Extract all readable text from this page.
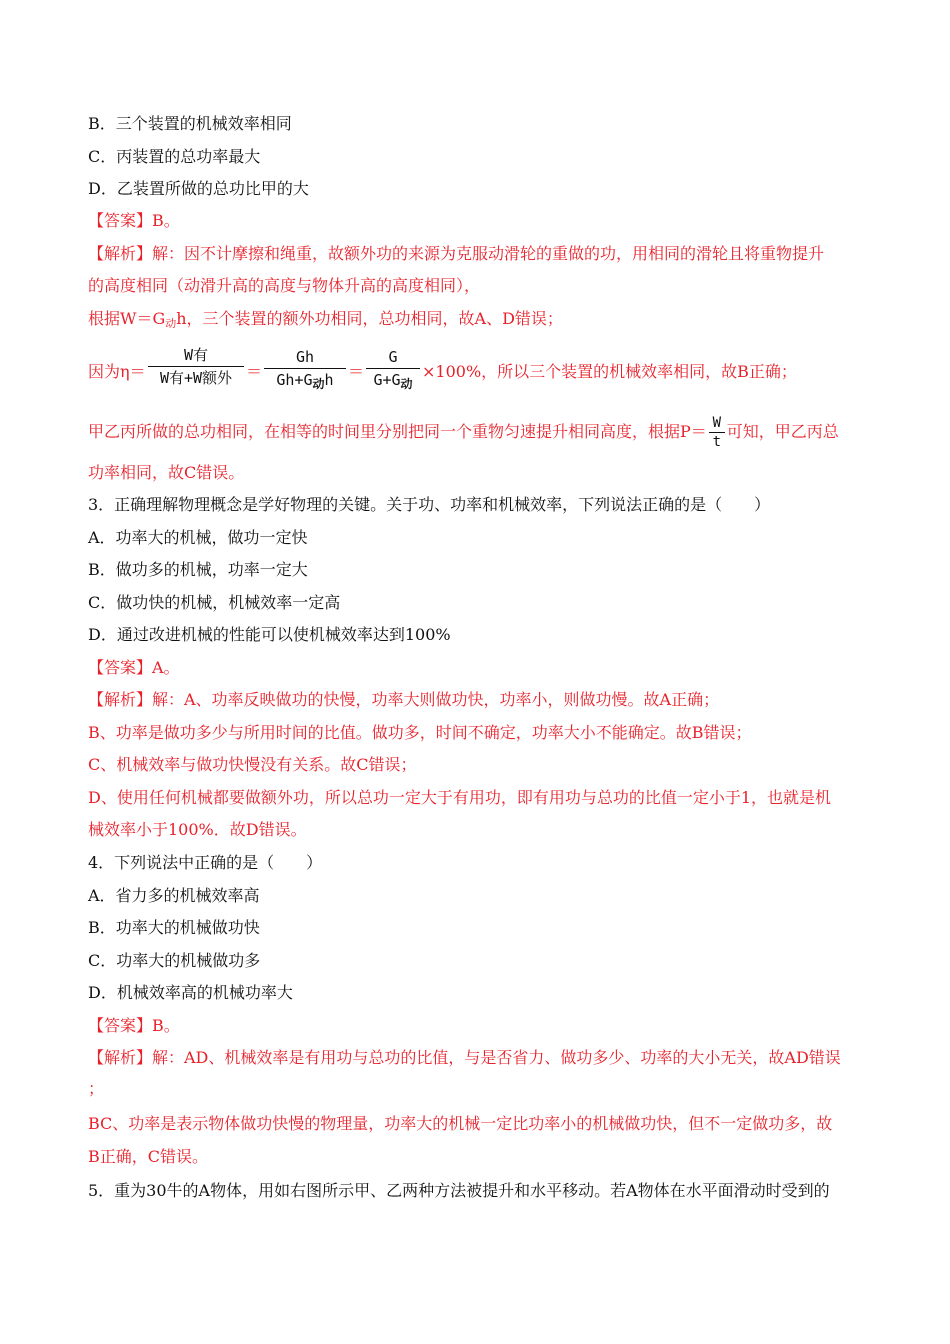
B．三个装置的机械效率相同
C．丙装置的总功率最大
D．乙装置所做的总功比甲的大
【答案】B。
【解析】解：因不计摩擦和绳重，故额外功的来源为克服动滑轮的重做的功，用相同的滑轮且将重物提升
的高度相同（动滑升高的高度与物体升高的高度相同），
根据W＝G动h，三个装置的额外功相同，总功相同，故A、D错误；
因为η＝
W有
W有+W额外 ＝
Gh
$Gh+G_动h$ ＝
G
$G+G_动$
×100%，所以三个装置的机械效率相同，故B正确；
甲乙丙所做的总功相同，在相等的时间里分别把同一个重物匀速提升相同高度，根据$P= \frac{W}{t}$ 可知，甲乙丙总
功率相同，故C错误。
3．正确理解物理概念是学好物理的关键。关于功、功率和机械效率，下列说法正确的是（　　）
A．功率大的机械，做功一定快
B．做功多的机械，功率一定大
C．做功快的机械，机械效率一定高
D．通过改进机械的性能可以使机械效率达到100%
【答案】A。
【解析】解：A、功率反映做功的快慢，功率大则做功快，功率小，则做功慢。故A正确；
B、功率是做功多少与所用时间的比值。做功多，时间不确定，功率大小不能确定。故B错误；
C、机械效率与做功快慢没有关系。故C错误；
D、使用任何机械都要做额外功，所以总功一定大于有用功，即有用功与总功的比值一定小于1，也就是机
械效率小于100%．故D错误。
4．下列说法中正确的是（　　）
A．省力多的机械效率高
B．功率大的机械做功快
C．功率大的机械做功多
D．机械效率高的机械功率大
【答案】B。
【解析】解：AD、机械效率是有用功与总功的比值，与是否省力、做功多少、功率的大小无关，故AD错误
；
BC、功率是表示物体做功快慢的物理量，功率大的机械一定比功率小的机械做功快，但不一定做功多，故
B正确，C错误。
5．重为30牛的A物体，用如右图所示甲、乙两种方法被提升和水平移动。若A物体在水平面滑动时受到的
